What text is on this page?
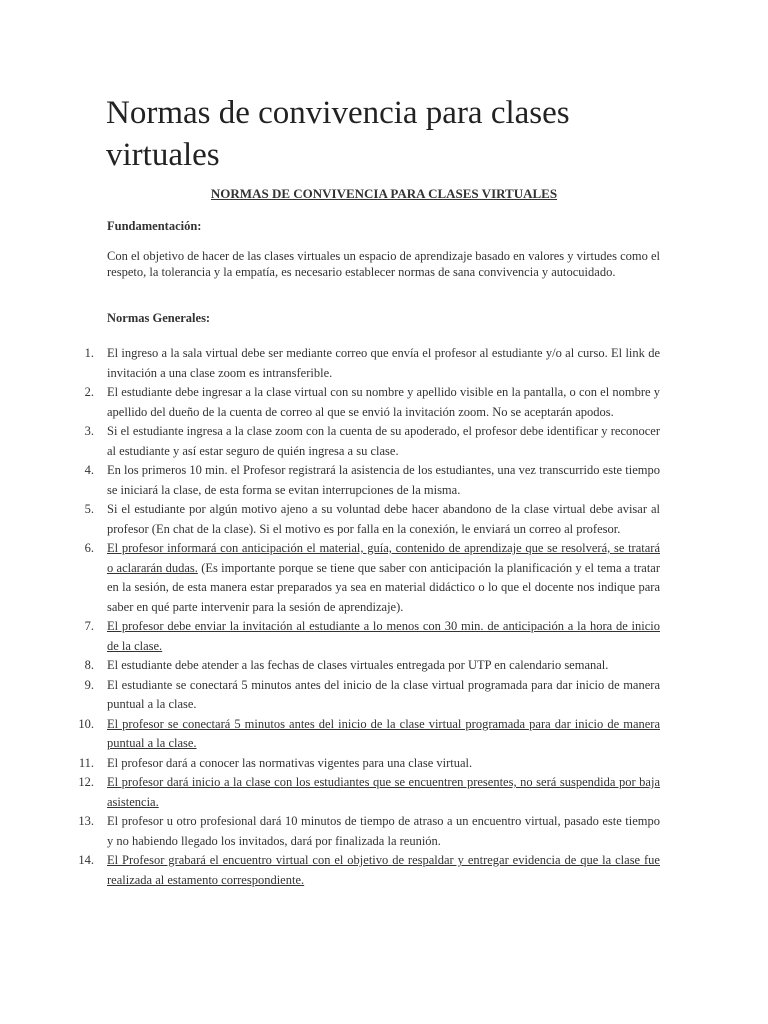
Normas de convivencia para clases virtuales
NORMAS DE CONVIVENCIA PARA CLASES VIRTUALES
Fundamentación:

Con el objetivo de hacer de las clases virtuales un espacio de aprendizaje basado en valores y virtudes como el respeto, la tolerancia y la empatía, es necesario establecer normas de sana convivencia y autocuidado.

Normas Generales:
1. El ingreso a la sala virtual debe ser mediante correo que envía el profesor al estudiante y/o al curso. El link de invitación a una clase zoom es intransferible.
2. El estudiante debe ingresar a la clase virtual con su nombre y apellido visible en la pantalla, o con el nombre y apellido del dueño de la cuenta de correo al que se envió la invitación zoom. No se aceptarán apodos.
3. Si el estudiante ingresa a la clase zoom con la cuenta de su apoderado, el profesor debe identificar y reconocer al estudiante y así estar seguro de quién ingresa a su clase.
4. En los primeros 10 min. el Profesor registrará la asistencia de los estudiantes, una vez transcurrido este tiempo se iniciará la clase, de esta forma se evitan interrupciones de la misma.
5. Si el estudiante por algún motivo ajeno a su voluntad debe hacer abandono de la clase virtual debe avisar al profesor (En chat de la clase). Si el motivo es por falla en la conexión, le enviará un correo al profesor.
6. El profesor informará con anticipación el material, guía, contenido de aprendizaje que se resolverá, se tratará o aclararán dudas. (Es importante porque se tiene que saber con anticipación la planificación y el tema a tratar en la sesión, de esta manera estar preparados ya sea en material didáctico o lo que el docente nos indique para saber en qué parte intervenir para la sesión de aprendizaje).
7. El profesor debe enviar la invitación al estudiante a lo menos con 30 min. de anticipación a la hora de inicio de la clase.
8. El estudiante debe atender a las fechas de clases virtuales entregada por UTP en calendario semanal.
9. El estudiante se conectará 5 minutos antes del inicio de la clase virtual programada para dar inicio de manera puntual a la clase.
10. El profesor se conectará 5 minutos antes del inicio de la clase virtual programada para dar inicio de manera puntual a la clase.
11. El profesor dará a conocer las normativas vigentes para una clase virtual.
12. El profesor dará inicio a la clase con los estudiantes que se encuentren presentes, no será suspendida por baja asistencia.
13. El profesor u otro profesional dará 10 minutos de tiempo de atraso a un encuentro virtual, pasado este tiempo y no habiendo llegado los invitados, dará por finalizada la reunión.
14. El Profesor grabará el encuentro virtual con el objetivo de respaldar y entregar evidencia de que la clase fue realizada al estamento correspondiente.
